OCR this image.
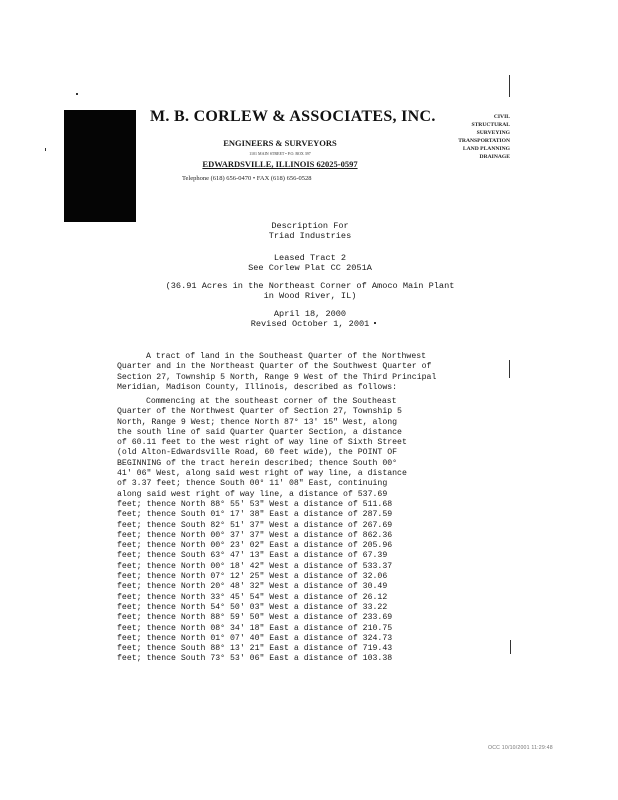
M. B. CORLEW & ASSOCIATES, INC.
ENGINEERS & SURVEYORS
1101 MAIN STREET • P.O. BOX 397
EDWARDSVILLE, ILLINOIS 62025-0597
Telephone (618) 656-0470 • FAX (618) 656-0528
CIVIL
STRUCTURAL
SURVEYING
TRANSPORTATION
LAND PLANNING
DRAINAGE
Description For
Triad Industries
Leased Tract 2
See Corlew Plat CC 2051A
(36.91 Acres in the Northeast Corner of Amoco Main Plant
in Wood River, IL)
April 18, 2000
Revised October 1, 2001
A tract of land in the Southeast Quarter of the Northwest
Quarter and in the Northeast Quarter of the Southwest Quarter of
Section 27, Township 5 North, Range 9 West of the Third Principal
Meridian, Madison County, Illinois, described as follows:
Commencing at the southeast corner of the Southeast
Quarter of the Northwest Quarter of Section 27, Township 5
North, Range 9 West; thence North 87° 13' 15" West, along
the south line of said Quarter Quarter Section, a distance
of 60.11 feet to the west right of way line of Sixth Street
(old Alton-Edwardsville Road, 60 feet wide), the POINT OF
BEGINNING of the tract herein described; thence South 00°
41' 06" West, along said west right of way line, a distance
of 3.37 feet; thence South 00° 11' 08" East, continuing
along said west right of way line, a distance of 537.69
feet; thence North 88° 55' 53" West a distance of 511.68
feet; thence South 01° 17' 38" East a distance of 287.59
feet; thence South 82° 51' 37" West a distance of 267.69
feet; thence North 00° 37' 37" West a distance of 862.36
feet; thence North 00° 23' 02" East a distance of 205.96
feet; thence South 63° 47' 13" East a distance of 67.39
feet; thence North 00° 18' 42" West a distance of 533.37
feet; thence North 07° 12' 25" West a distance of 32.06
feet; thence North 20° 48' 32" West a distance of 30.49
feet; thence North 33° 45' 54" West a distance of 26.12
feet; thence North 54° 50' 03" West a distance of 33.22
feet; thence North 88° 59' 50" West a distance of 233.69
feet; thence North 08° 34' 18" East a distance of 210.75
feet; thence North 01° 07' 40" East a distance of 324.73
feet; thence South 88° 13' 21" East a distance of 719.43
feet; thence South 73° 53' 06" East a distance of 103.38
OCC 10/10/2001 11:29:48
